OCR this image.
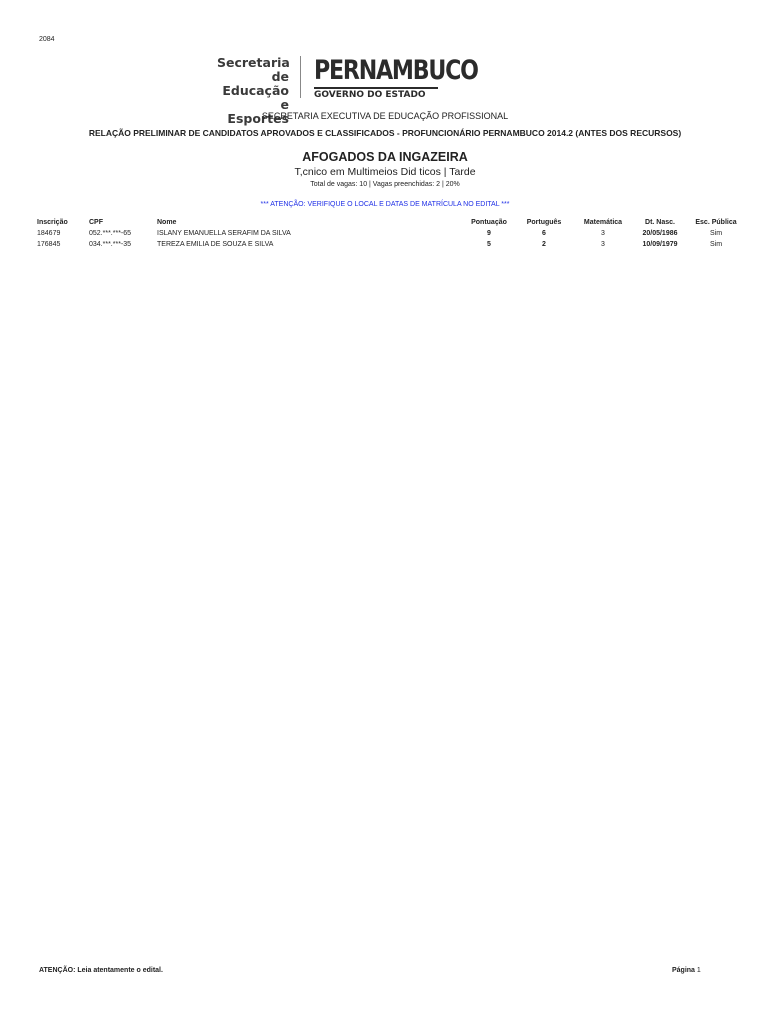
2084
Secretaria
de Educação
e Esportes
PERNAMBUCO
GOVERNO DO ESTADO
SECRETARIA EXECUTIVA DE EDUCAÇÃO PROFISSIONAL
RELAÇÃO PRELIMINAR DE CANDIDATOS APROVADOS E CLASSIFICADOS - PROFUNCIONÁRIO PERNAMBUCO 2014.2 (ANTES DOS RECURSOS)
AFOGADOS DA INGAZEIRA
T,cnico em Multimeios Did ticos | Tarde
Total de vagas: 10 | Vagas preenchidas: 2 | 20%
*** ATENÇÃO: VERIFIQUE O LOCAL E DATAS DE MATRÍCULA NO EDITAL ***
Inscrição	CPF	Nome	Pontuação	Português	Matemática	Dt. Nasc.	Esc. Pública
184679	052.***.***-65	ISLANY EMANUELLA SERAFIM DA SILVA	9	6	3	20/05/1986	Sim
176845	034.***.***-35	TEREZA EMILIA DE SOUZA E SILVA	5	2	3	10/09/1979	Sim
ATENÇÃO: Leia atentamente o edital.	Página 1
